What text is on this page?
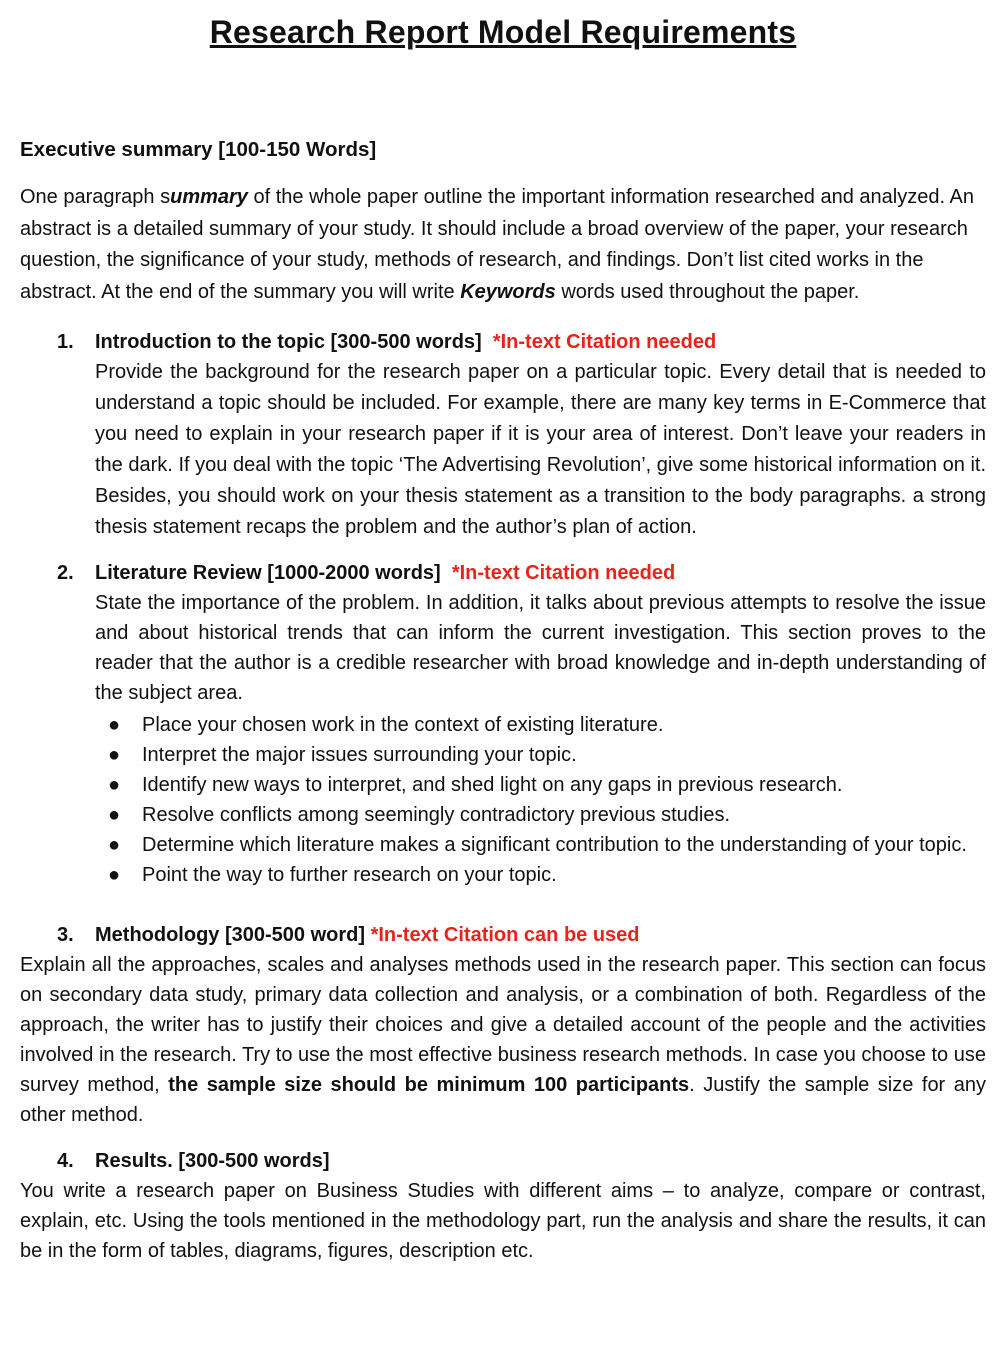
Research Report Model Requirements
Executive summary [100-150 Words]
One paragraph summary of the whole paper outline the important information researched and analyzed. An abstract is a detailed summary of your study. It should include a broad overview of the paper, your research question, the significance of your study, methods of research, and findings. Don’t list cited works in the abstract. At the end of the summary you will write Keywords words used throughout the paper.
1. Introduction to the topic [300-500 words] *In-text Citation needed
Provide the background for the research paper on a particular topic. Every detail that is needed to understand a topic should be included. For example, there are many key terms in E-Commerce that you need to explain in your research paper if it is your area of interest. Don’t leave your readers in the dark. If you deal with the topic ‘The Advertising Revolution’, give some historical information on it. Besides, you should work on your thesis statement as a transition to the body paragraphs. a strong thesis statement recaps the problem and the author’s plan of action.
2. Literature Review [1000-2000 words] *In-text Citation needed
State the importance of the problem. In addition, it talks about previous attempts to resolve the issue and about historical trends that can inform the current investigation. This section proves to the reader that the author is a credible researcher with broad knowledge and in-depth understanding of the subject area.
● Place your chosen work in the context of existing literature.
● Interpret the major issues surrounding your topic.
● Identify new ways to interpret, and shed light on any gaps in previous research.
● Resolve conflicts among seemingly contradictory previous studies.
● Determine which literature makes a significant contribution to the understanding of your topic.
● Point the way to further research on your topic.
3. Methodology [300-500 word] *In-text Citation can be used
Explain all the approaches, scales and analyses methods used in the research paper. This section can focus on secondary data study, primary data collection and analysis, or a combination of both. Regardless of the approach, the writer has to justify their choices and give a detailed account of the people and the activities involved in the research. Try to use the most effective business research methods. In case you choose to use survey method, the sample size should be minimum 100 participants. Justify the sample size for any other method.
4. Results. [300-500 words]
You write a research paper on Business Studies with different aims – to analyze, compare or contrast, explain, etc. Using the tools mentioned in the methodology part, run the analysis and share the results, it can be in the form of tables, diagrams, figures, description etc.
